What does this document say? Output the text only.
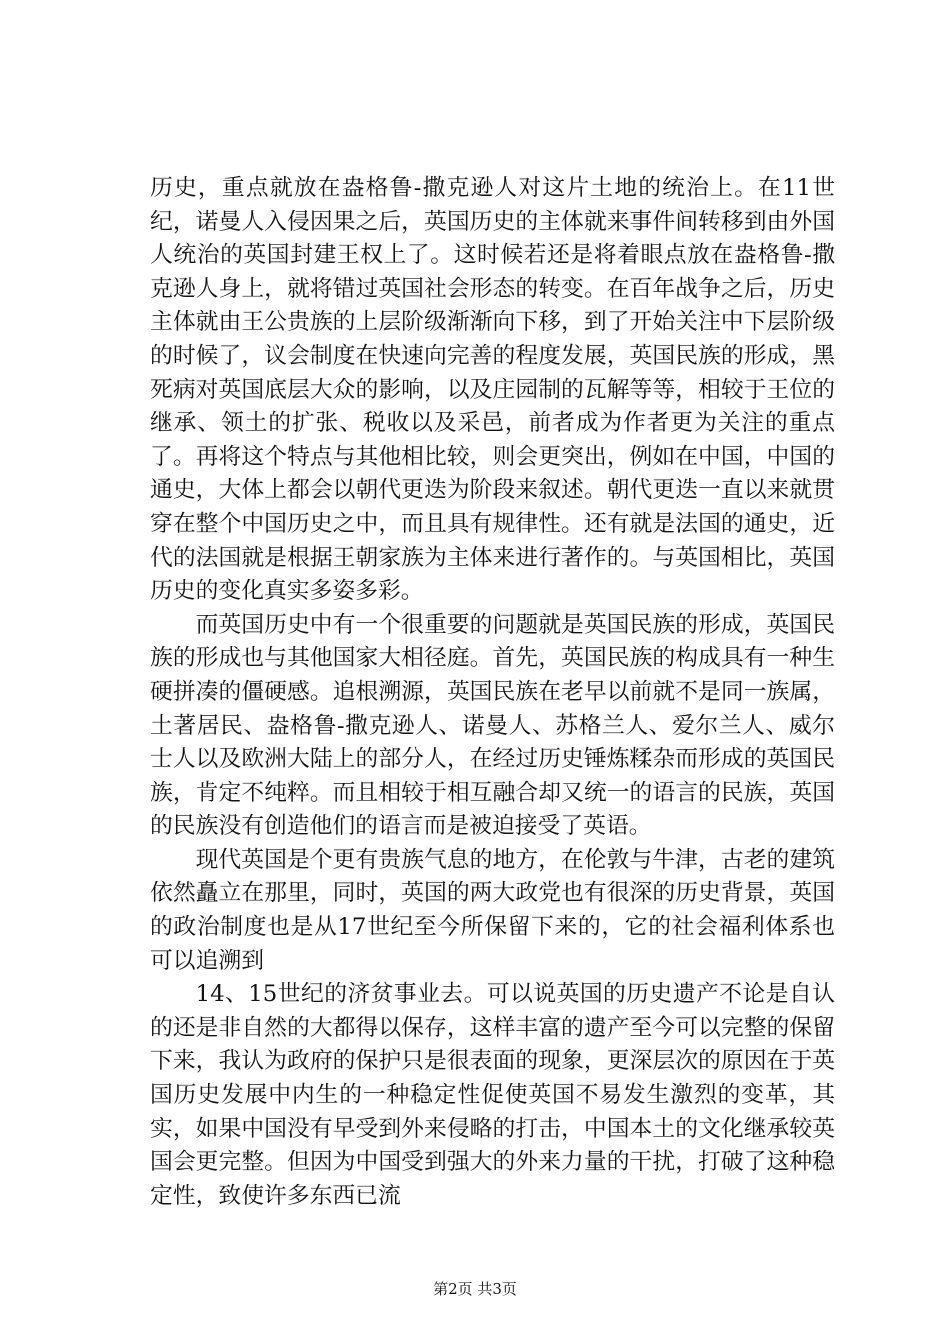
历史，重点就放在盎格鲁-撒克逊人对这片土地的统治上。在11世纪，诺曼人入侵因果之后，英国历史的主体就来事件间转移到由外国人统治的英国封建王权上了。这时候若还是将着眼点放在盎格鲁-撒克逊人身上，就将错过英国社会形态的转变。在百年战争之后，历史主体就由王公贵族的上层阶级渐渐向下移，到了开始关注中下层阶级的时候了，议会制度在快速向完善的程度发展，英国民族的形成，黑死病对英国底层大众的影响，以及庄园制的瓦解等等，相较于王位的继承、领土的扩张、税收以及采邑，前者成为作者更为关注的重点了。再将这个特点与其他相比较，则会更突出，例如在中国，中国的通史，大体上都会以朝代更迭为阶段来叙述。朝代更迭一直以来就贯穿在整个中国历史之中，而且具有规律性。还有就是法国的通史，近代的法国就是根据王朝家族为主体来进行著作的。与英国相比，英国历史的变化真实多姿多彩。

而英国历史中有一个很重要的问题就是英国民族的形成，英国民族的形成也与其他国家大相径庭。首先，英国民族的构成具有一种生硬拼凑的僵硬感。追根溯源，英国民族在老早以前就不是同一族属，土著居民、盎格鲁-撒克逊人、诺曼人、苏格兰人、爱尔兰人、威尔士人以及欧洲大陆上的部分人，在经过历史锤炼糅杂而形成的英国民族，肯定不纯粹。而且相较于相互融合却又统一的语言的民族，英国的民族没有创造他们的语言而是被迫接受了英语。

现代英国是个更有贵族气息的地方，在伦敦与牛津，古老的建筑依然矗立在那里，同时，英国的两大政党也有很深的历史背景，英国的政治制度也是从17世纪至今所保留下来的，它的社会福利体系也可以追溯到

14、15世纪的济贫事业去。可以说英国的历史遗产不论是自认的还是非自然的大都得以保存，这样丰富的遗产至今可以完整的保留下来，我认为政府的保护只是很表面的现象，更深层次的原因在于英国历史发展中内生的一种稳定性促使英国不易发生激烈的变革，其实，如果中国没有早受到外来侵略的打击，中国本土的文化继承较英国会更完整。但因为中国受到强大的外来力量的干扰，打破了这种稳定性，致使许多东西已流

第2页 共3页
